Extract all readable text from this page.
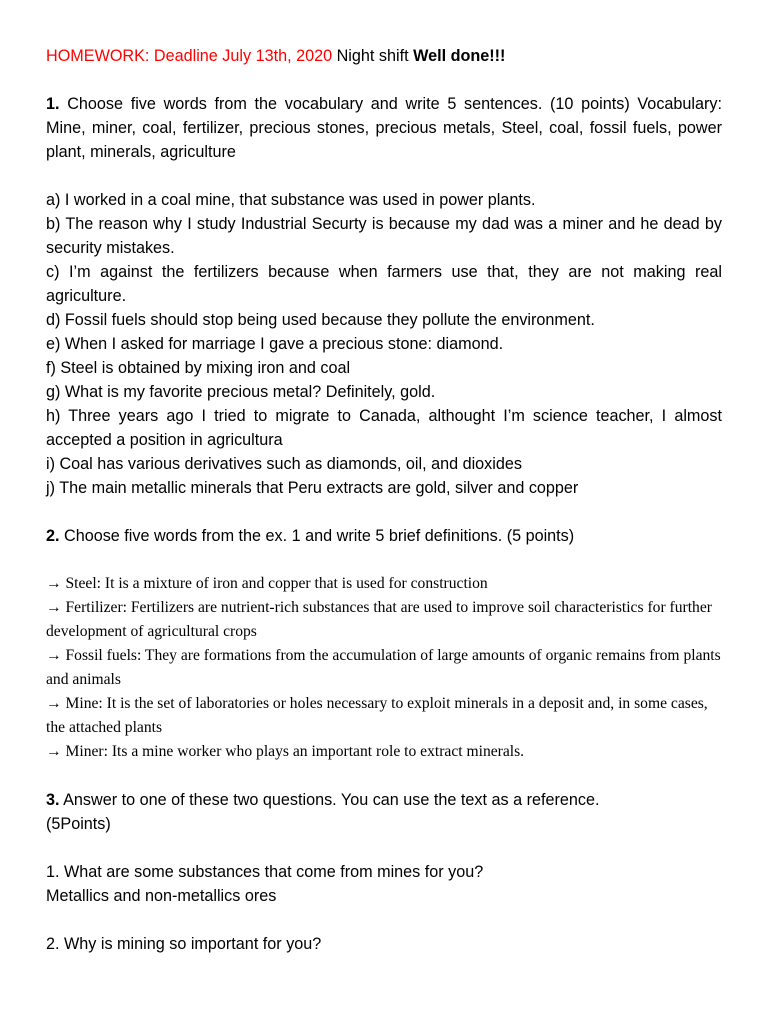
HOMEWORK: Deadline July 13th, 2020 Night shift Well done!!!

1. Choose five words from the vocabulary and write 5 sentences. (10 points) Vocabulary: Mine, miner, coal, fertilizer, precious stones, precious metals, Steel, coal, fossil fuels, power plant, minerals, agriculture

a) I worked in a coal mine, that substance was used in power plants.
b) The reason why I study Industrial Securty is because my dad was a miner and he dead by security mistakes.
c) I’m against the fertilizers because when farmers use that, they are not making real agriculture.
d) Fossil fuels should stop being used because they pollute the environment.
e) When I asked for marriage I gave a precious stone: diamond.
f) Steel is obtained by mixing iron and coal
g) What is my favorite precious metal? Definitely, gold.
h) Three years ago I tried to migrate to Canada, althought I’m science teacher, I almost accepted a position in agricultura
i) Coal has various derivatives such as diamonds, oil, and dioxides
j) The main metallic minerals that Peru extracts are gold, silver and copper

2. Choose five words from the ex. 1 and write 5 brief definitions. (5 points)

→ Steel: It is a mixture of iron and copper that is used for construction
→ Fertilizer: Fertilizers are nutrient-rich substances that are used to improve soil characteristics for further development of agricultural crops
→ Fossil fuels: They are formations from the accumulation of large amounts of organic remains from plants and animals
→ Mine: It is the set of laboratories or holes necessary to exploit minerals in a deposit and, in some cases, the attached plants
→ Miner: Its a mine worker who plays an important role to extract minerals.

3. Answer to one of these two questions. You can use the text as a reference.

(5Points)

1. What are some substances that come from mines for you?

Metallics and non-metallics ores

2. Why is mining so important for you?
